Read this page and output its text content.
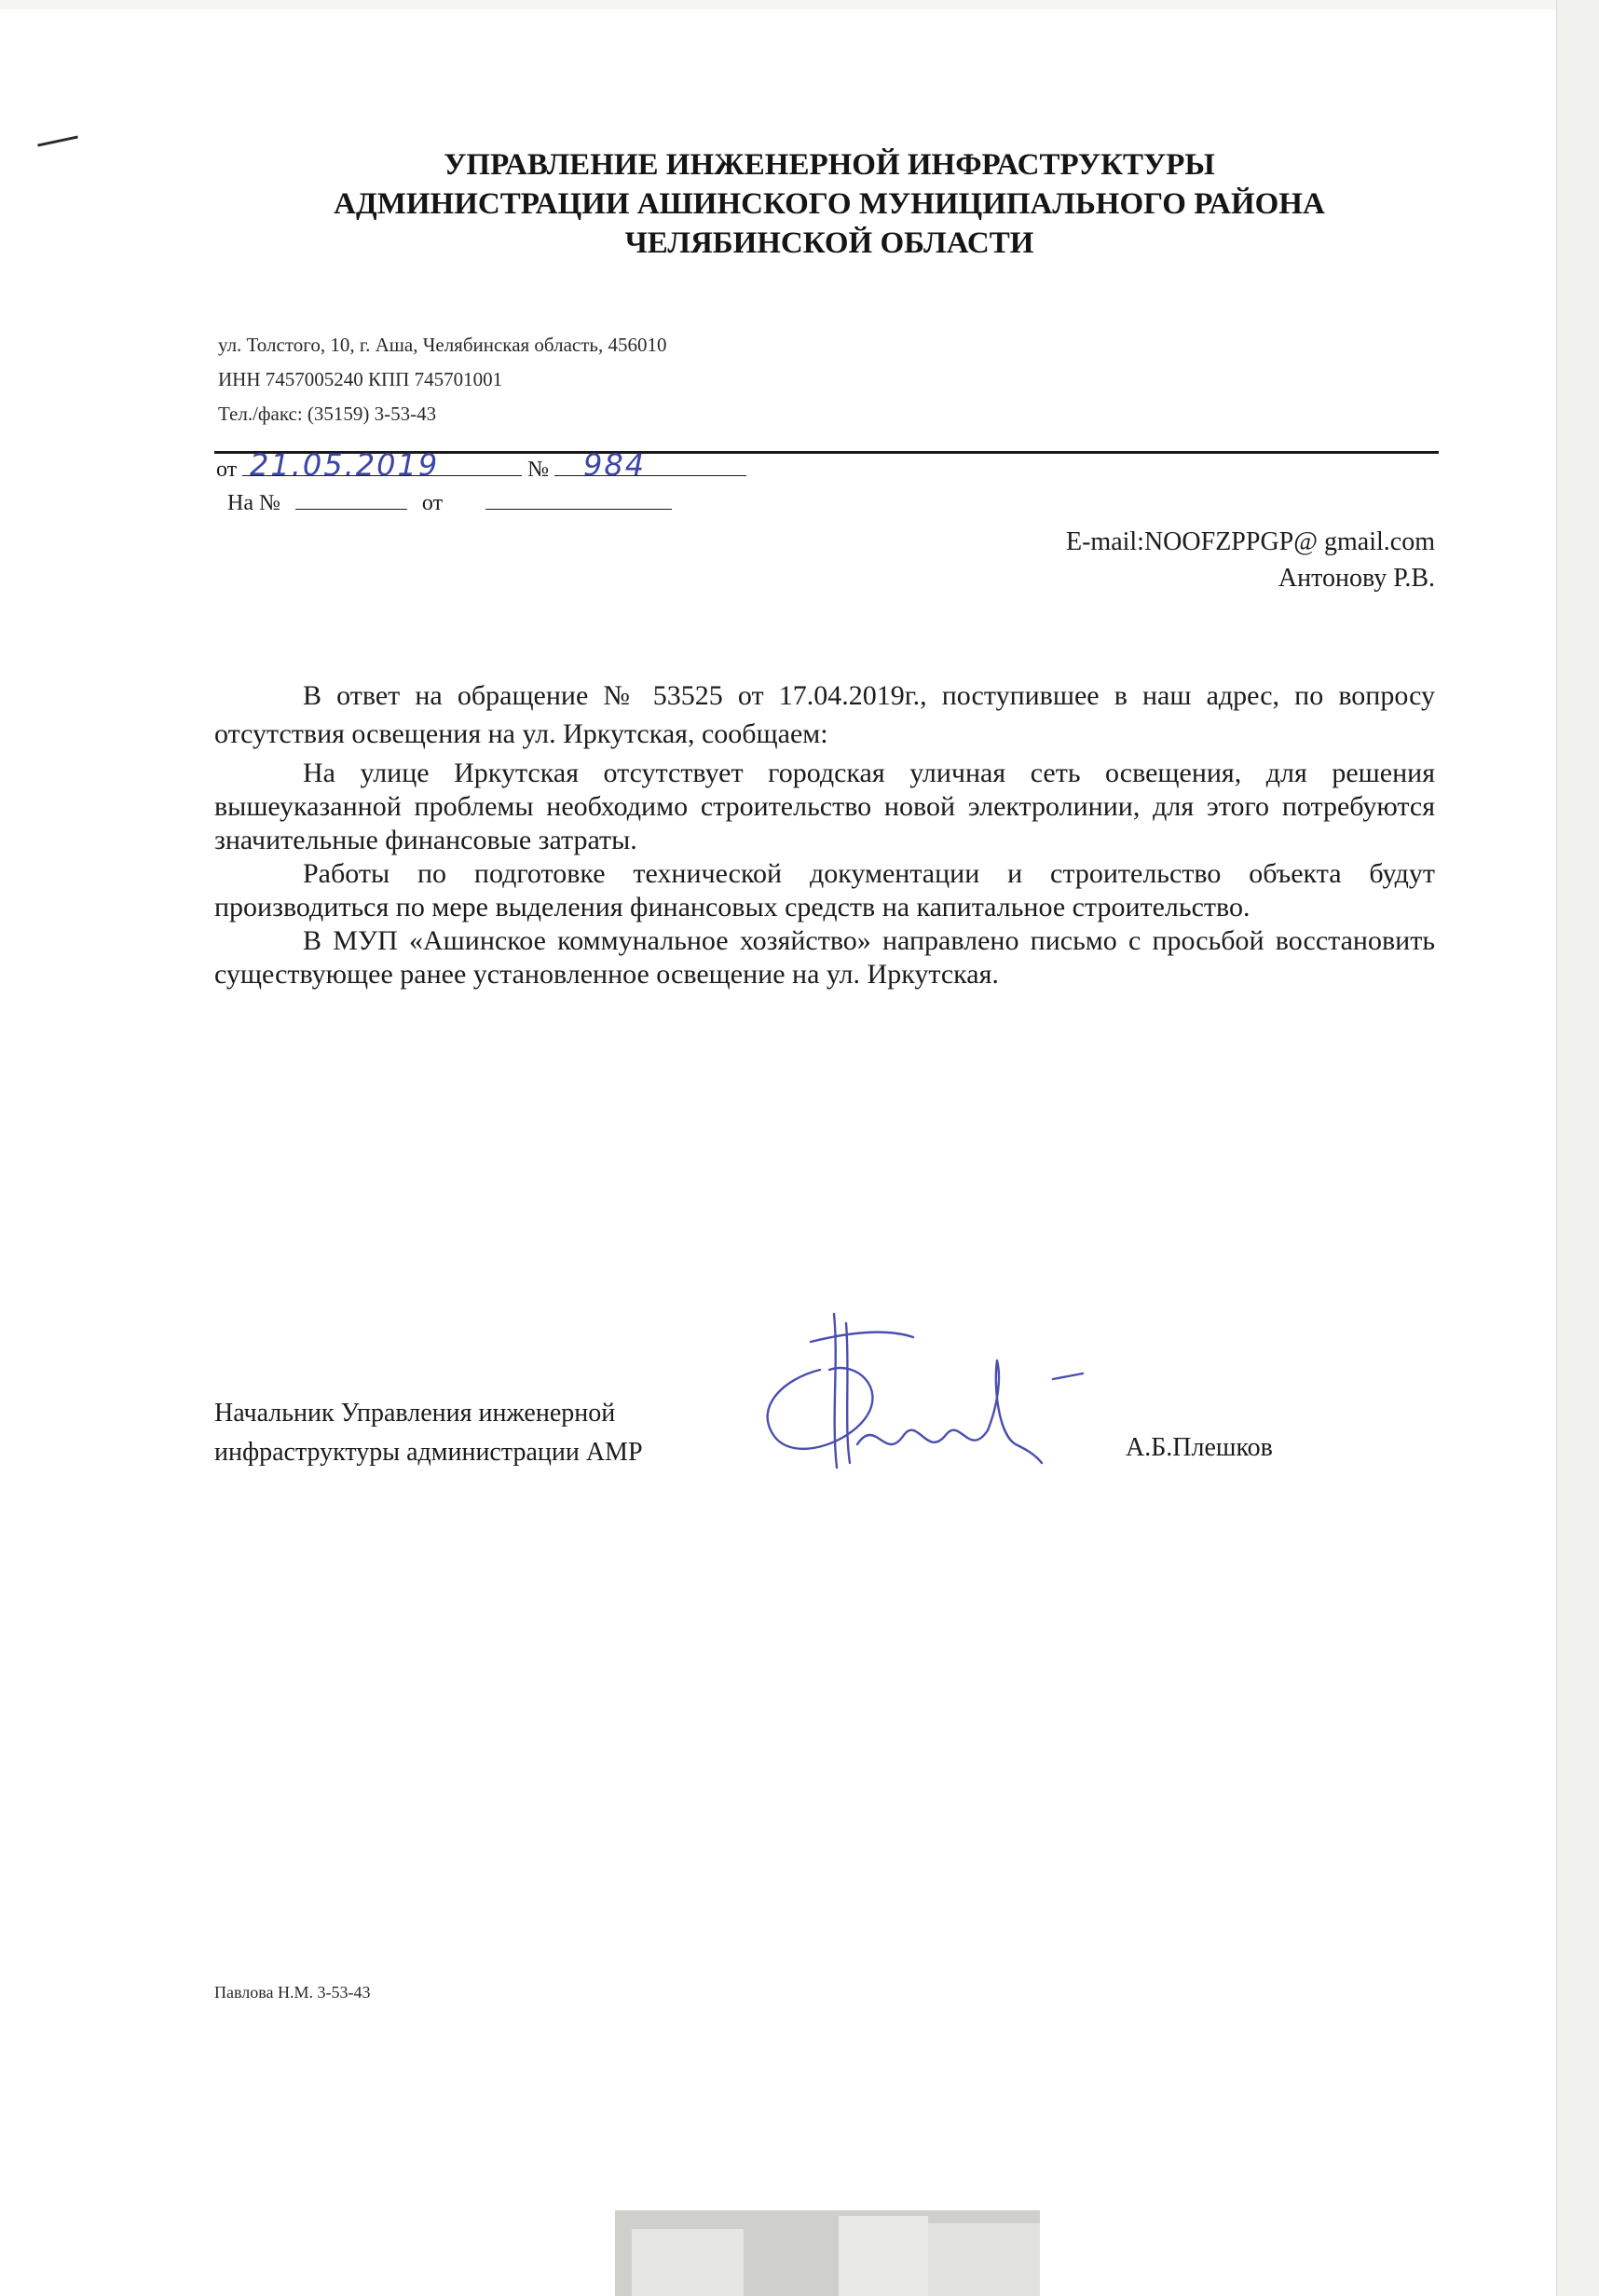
УПРАВЛЕНИЕ ИНЖЕНЕРНОЙ ИНФРАСТРУКТУРЫ
АДМИНИСТРАЦИИ АШИНСКОГО МУНИЦИПАЛЬНОГО РАЙОНА
ЧЕЛЯБИНСКОЙ ОБЛАСТИ
ул. Толстого, 10, г. Аша, Челябинская область, 456010
ИНН 7457005240 КПП 745701001
Тел./факс: (35159) 3-53-43
от	№
21.05.2019	984
На №	от
E-mail:NOOFZPPGP@ gmail.com
Антонову Р.В.

В ответ на обращение № 53525 от 17.04.2019г., поступившее в наш адрес, по вопросу отсутствия освещения на ул. Иркутская, сообщаем:

На улице Иркутская отсутствует городская уличная сеть освещения, для решения вышеуказанной проблемы необходимо строительство новой электролинии, для этого потребуются значительные финансовые затраты.

Работы по подготовке технической документации и строительство объекта будут производиться по мере выделения финансовых средств на капитальное строительство.

В МУП «Ашинское коммунальное хозяйство» направлено письмо с просьбой восстановить существующее ранее установленное освещение на ул. Иркутская.

Начальник Управления инженерной
инфраструктуры администрации АМР	А.Б.Плешков
Павлова Н.М. 3-53-43
